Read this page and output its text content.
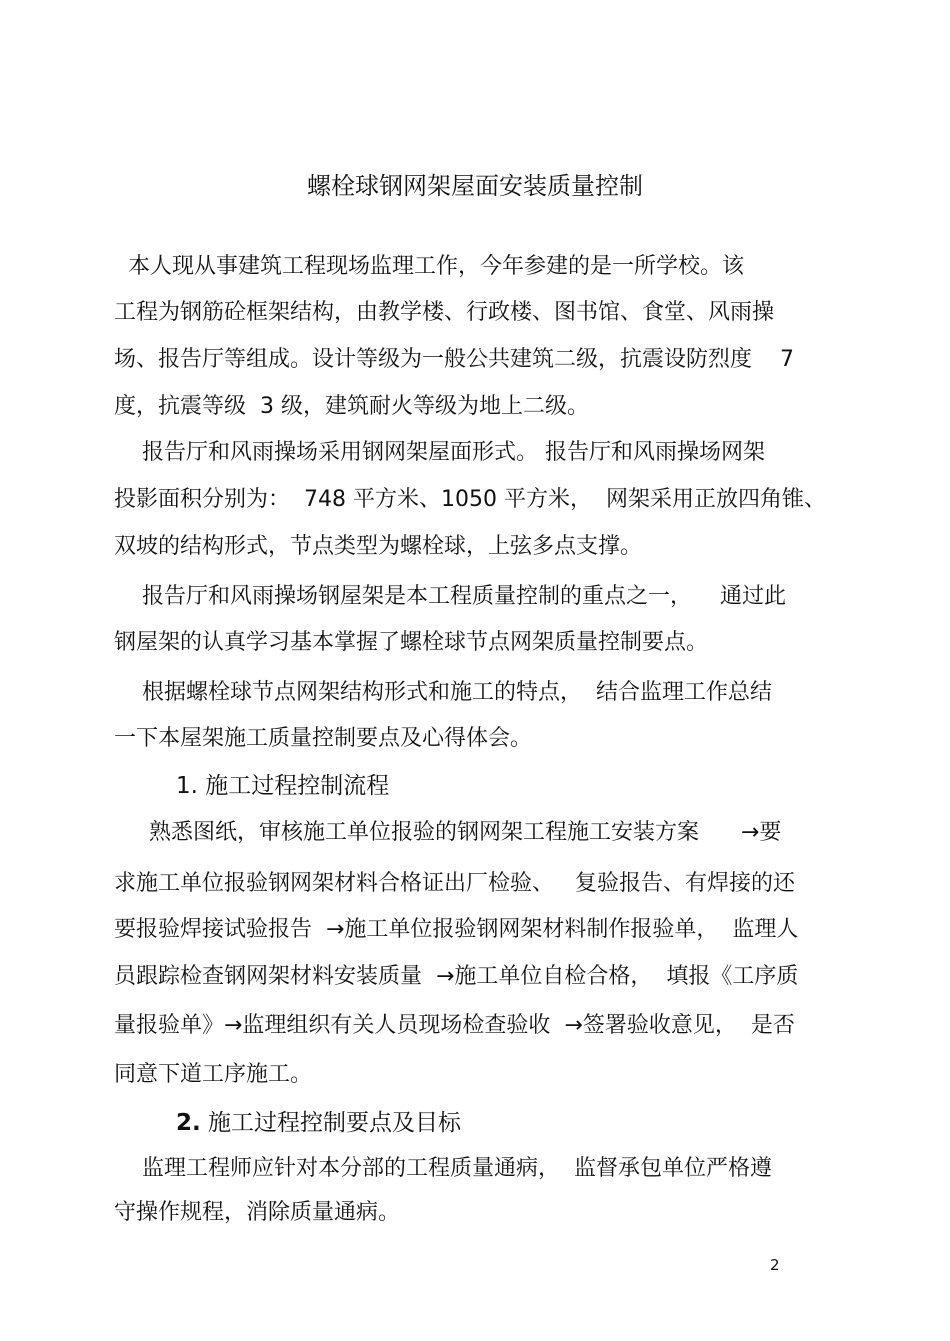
螺栓球钢网架屋面安装质量控制
本人现从事建筑工程现场监理工作，今年参建的是一所学校。该
工程为钢筋砼框架结构，由教学楼、行政楼、图书馆、食堂、风雨操
场、报告厅等组成。设计等级为一般公共建筑二级，抗震设防烈度    7
度，抗震等级  3 级，建筑耐火等级为地上二级。
报告厅和风雨操场采用钢网架屋面形式。 报告厅和风雨操场网架
投影面积分别为：  748 平方米、1050 平方米，  网架采用正放四角锥、
双坡的结构形式，节点类型为螺栓球，上弦多点支撑。
报告厅和风雨操场钢屋架是本工程质量控制的重点之一，    通过此
钢屋架的认真学习基本掌握了螺栓球节点网架质量控制要点。
根据螺栓球节点网架结构形式和施工的特点，  结合监理工作总结
一下本屋架施工质量控制要点及心得体会。
1. 施工过程控制流程
熟悉图纸，审核施工单位报验的钢网架工程施工安装方案      →要
求施工单位报验钢网架材料合格证出厂检验、   复验报告、有焊接的还
要报验焊接试验报告  →施工单位报验钢网架材料制作报验单，  监理人
员跟踪检查钢网架材料安装质量  →施工单位自检合格，  填报《工序质
量报验单》→监理组织有关人员现场检查验收  →签署验收意见，  是否
同意下道工序施工。
2. 施工过程控制要点及目标
监理工程师应针对本分部的工程质量通病，  监督承包单位严格遵
守操作规程，消除质量通病。
2
